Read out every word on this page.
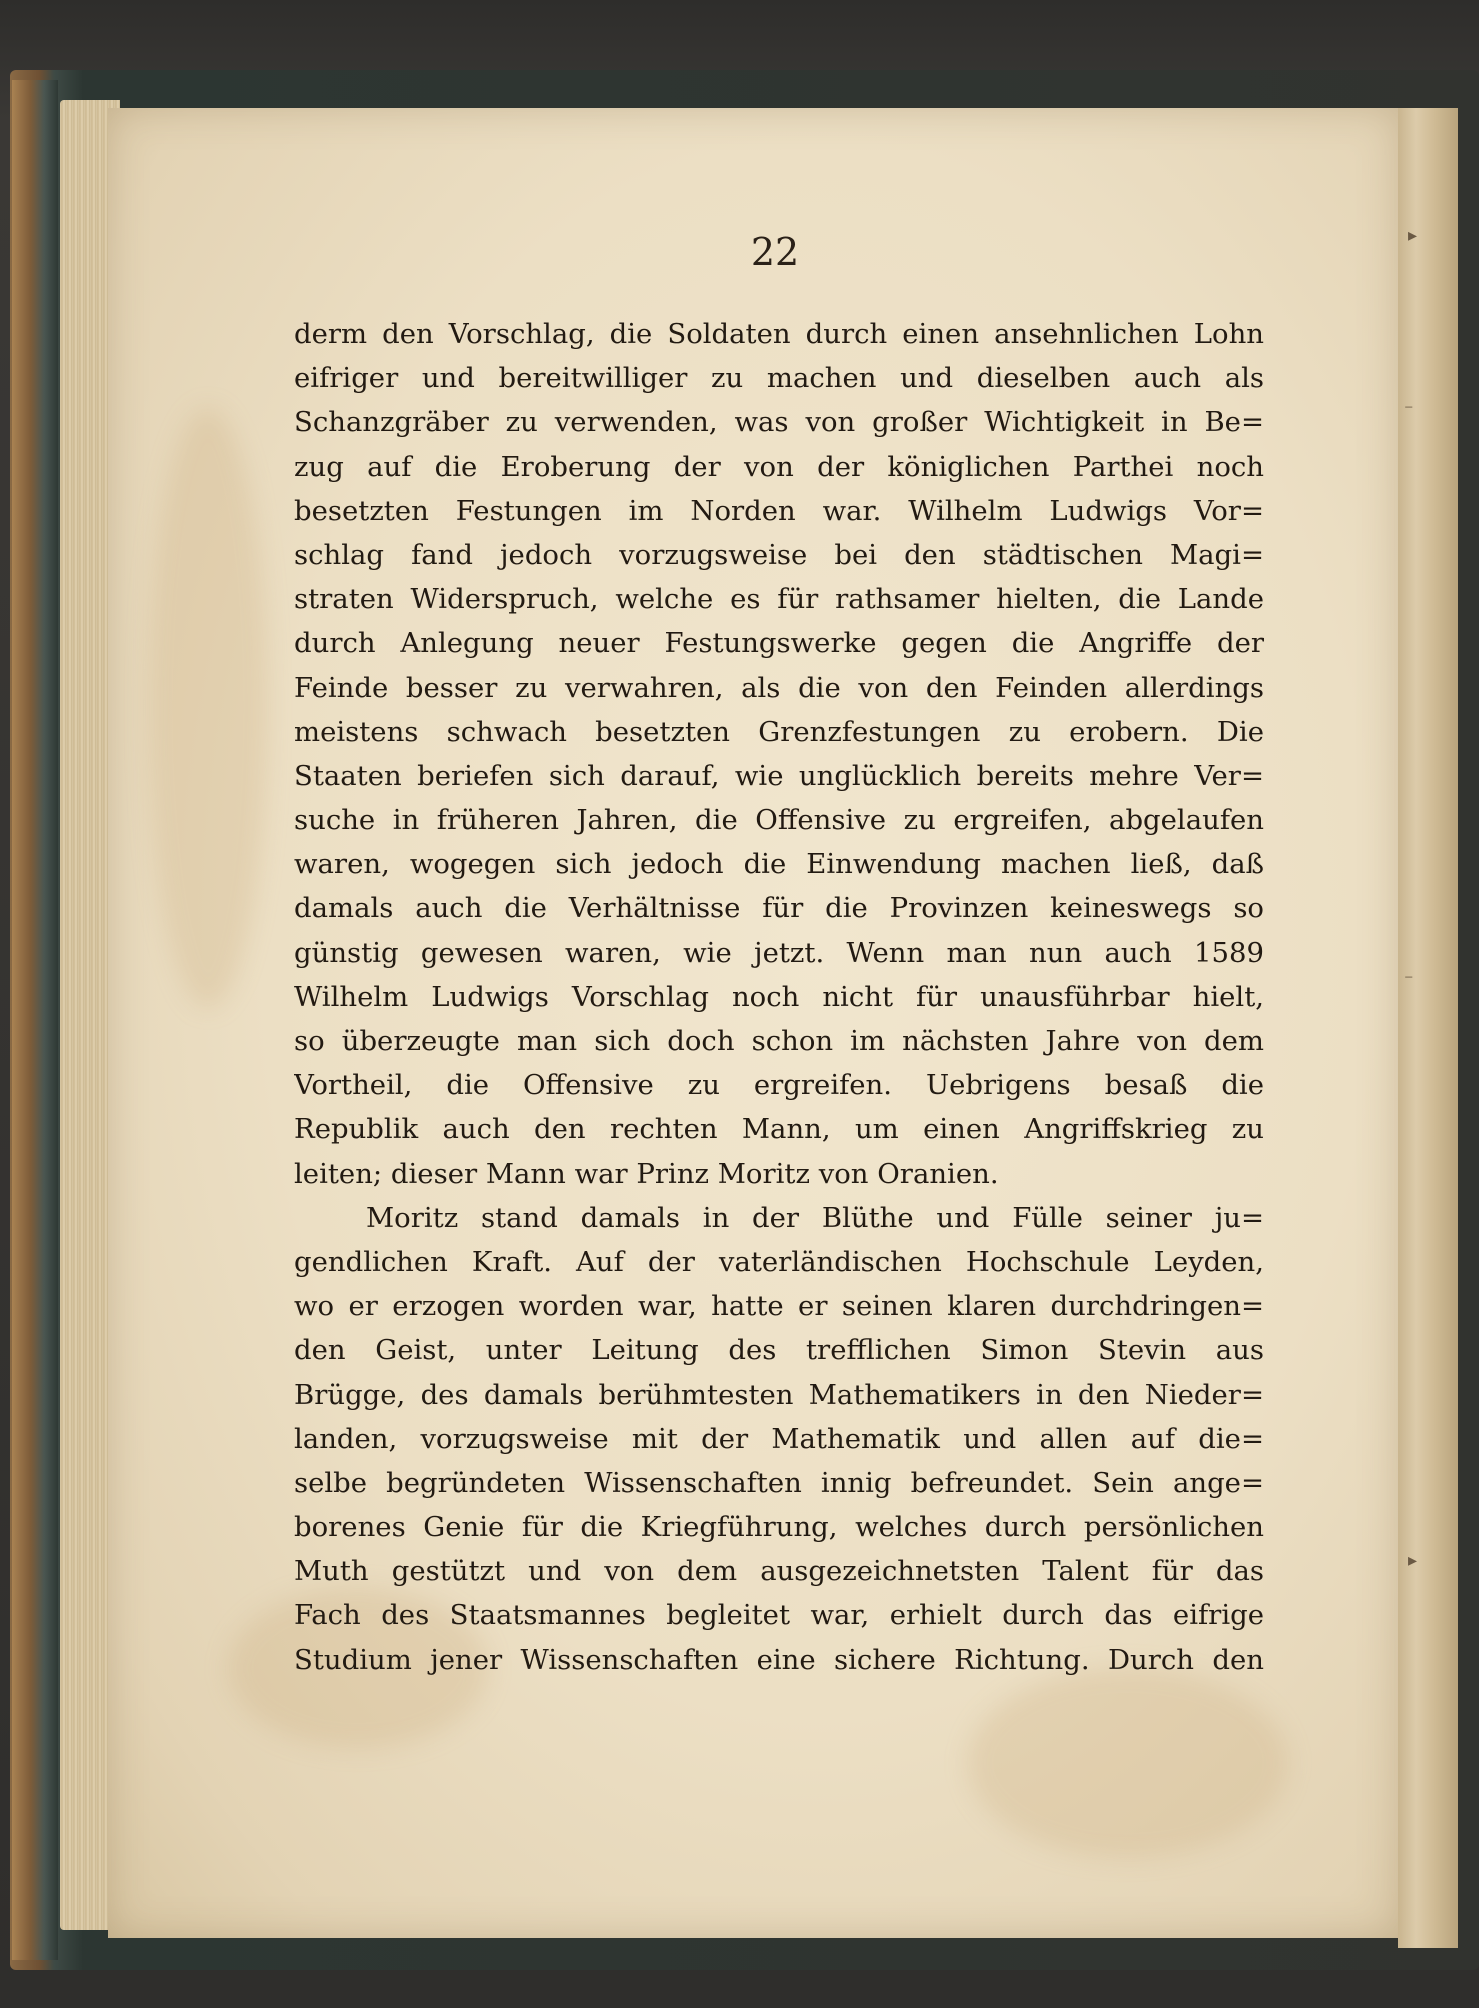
22
derm den Vorschlag, die Soldaten durch einen ansehnlichen Lohn
eifriger und bereitwilliger zu machen und dieselben auch als
Schanzgräber zu verwenden, was von großer Wichtigkeit in Be=
zug auf die Eroberung der von der königlichen Parthei noch
besetzten Festungen im Norden war. Wilhelm Ludwigs Vor=
schlag fand jedoch vorzugsweise bei den städtischen Magi=
straten Widerspruch, welche es für rathsamer hielten, die Lande
durch Anlegung neuer Festungswerke gegen die Angriffe der
Feinde besser zu verwahren, als die von den Feinden allerdings
meistens schwach besetzten Grenzfestungen zu erobern. Die
Staaten beriefen sich darauf, wie unglücklich bereits mehre Ver=
suche in früheren Jahren, die Offensive zu ergreifen, abgelaufen
waren, wogegen sich jedoch die Einwendung machen ließ, daß
damals auch die Verhältnisse für die Provinzen keineswegs so
günstig gewesen waren, wie jetzt. Wenn man nun auch 1589
Wilhelm Ludwigs Vorschlag noch nicht für unausführbar hielt,
so überzeugte man sich doch schon im nächsten Jahre von dem
Vortheil, die Offensive zu ergreifen. Uebrigens besaß die
Republik auch den rechten Mann, um einen Angriffskrieg zu
leiten; dieser Mann war Prinz Moritz von Oranien.
Moritz stand damals in der Blüthe und Fülle seiner ju=
gendlichen Kraft. Auf der vaterländischen Hochschule Leyden,
wo er erzogen worden war, hatte er seinen klaren durchdringen=
den Geist, unter Leitung des trefflichen Simon Stevin aus
Brügge, des damals berühmtesten Mathematikers in den Nieder=
landen, vorzugsweise mit der Mathematik und allen auf die=
selbe begründeten Wissenschaften innig befreundet. Sein ange=
borenes Genie für die Kriegführung, welches durch persönlichen
Muth gestützt und von dem ausgezeichnetsten Talent für das
Fach des Staatsmannes begleitet war, erhielt durch das eifrige
Studium jener Wissenschaften eine sichere Richtung. Durch den
▸
⁻
⁻
▸
